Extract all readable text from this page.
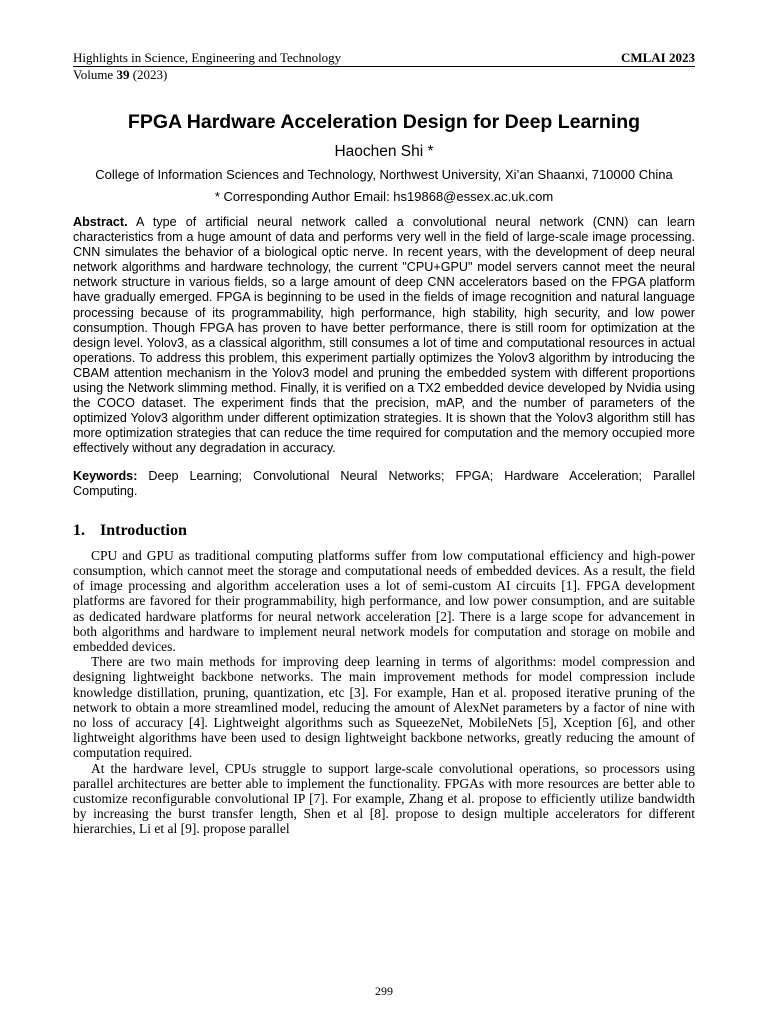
Highlights in Science, Engineering and Technology	CMLAI 2023
Volume 39 (2023)
FPGA Hardware Acceleration Design for Deep Learning
Haochen Shi *
College of Information Sciences and Technology, Northwest University, Xi’an Shaanxi, 710000 China
* Corresponding Author Email: hs19868@essex.ac.uk.com
Abstract. A type of artificial neural network called a convolutional neural network (CNN) can learn characteristics from a huge amount of data and performs very well in the field of large-scale image processing. CNN simulates the behavior of a biological optic nerve. In recent years, with the development of deep neural network algorithms and hardware technology, the current "CPU+GPU" model servers cannot meet the neural network structure in various fields, so a large amount of deep CNN accelerators based on the FPGA platform have gradually emerged. FPGA is beginning to be used in the fields of image recognition and natural language processing because of its programmability, high performance, high stability, high security, and low power consumption. Though FPGA has proven to have better performance, there is still room for optimization at the design level. Yolov3, as a classical algorithm, still consumes a lot of time and computational resources in actual operations. To address this problem, this experiment partially optimizes the Yolov3 algorithm by introducing the CBAM attention mechanism in the Yolov3 model and pruning the embedded system with different proportions using the Network slimming method. Finally, it is verified on a TX2 embedded device developed by Nvidia using the COCO dataset. The experiment finds that the precision, mAP, and the number of parameters of the optimized Yolov3 algorithm under different optimization strategies. It is shown that the Yolov3 algorithm still has more optimization strategies that can reduce the time required for computation and the memory occupied more effectively without any degradation in accuracy.
Keywords: Deep Learning; Convolutional Neural Networks; FPGA; Hardware Acceleration; Parallel Computing.
1. Introduction

CPU and GPU as traditional computing platforms suffer from low computational efficiency and high-power consumption, which cannot meet the storage and computational needs of embedded devices. As a result, the field of image processing and algorithm acceleration uses a lot of semi-custom AI circuits [1]. FPGA development platforms are favored for their programmability, high performance, and low power consumption, and are suitable as dedicated hardware platforms for neural network acceleration [2]. There is a large scope for advancement in both algorithms and hardware to implement neural network models for computation and storage on mobile and embedded devices.

There are two main methods for improving deep learning in terms of algorithms: model compression and designing lightweight backbone networks. The main improvement methods for model compression include knowledge distillation, pruning, quantization, etc [3]. For example, Han et al. proposed iterative pruning of the network to obtain a more streamlined model, reducing the amount of AlexNet parameters by a factor of nine with no loss of accuracy [4]. Lightweight algorithms such as SqueezeNet, MobileNets [5], Xception [6], and other lightweight algorithms have been used to design lightweight backbone networks, greatly reducing the amount of computation required.

At the hardware level, CPUs struggle to support large-scale convolutional operations, so processors using parallel architectures are better able to implement the functionality. FPGAs with more resources are better able to customize reconfigurable convolutional IP [7]. For example, Zhang et al. propose to efficiently utilize bandwidth by increasing the burst transfer length, Shen et al [8]. propose to design multiple accelerators for different hierarchies, Li et al [9]. propose parallel

299
